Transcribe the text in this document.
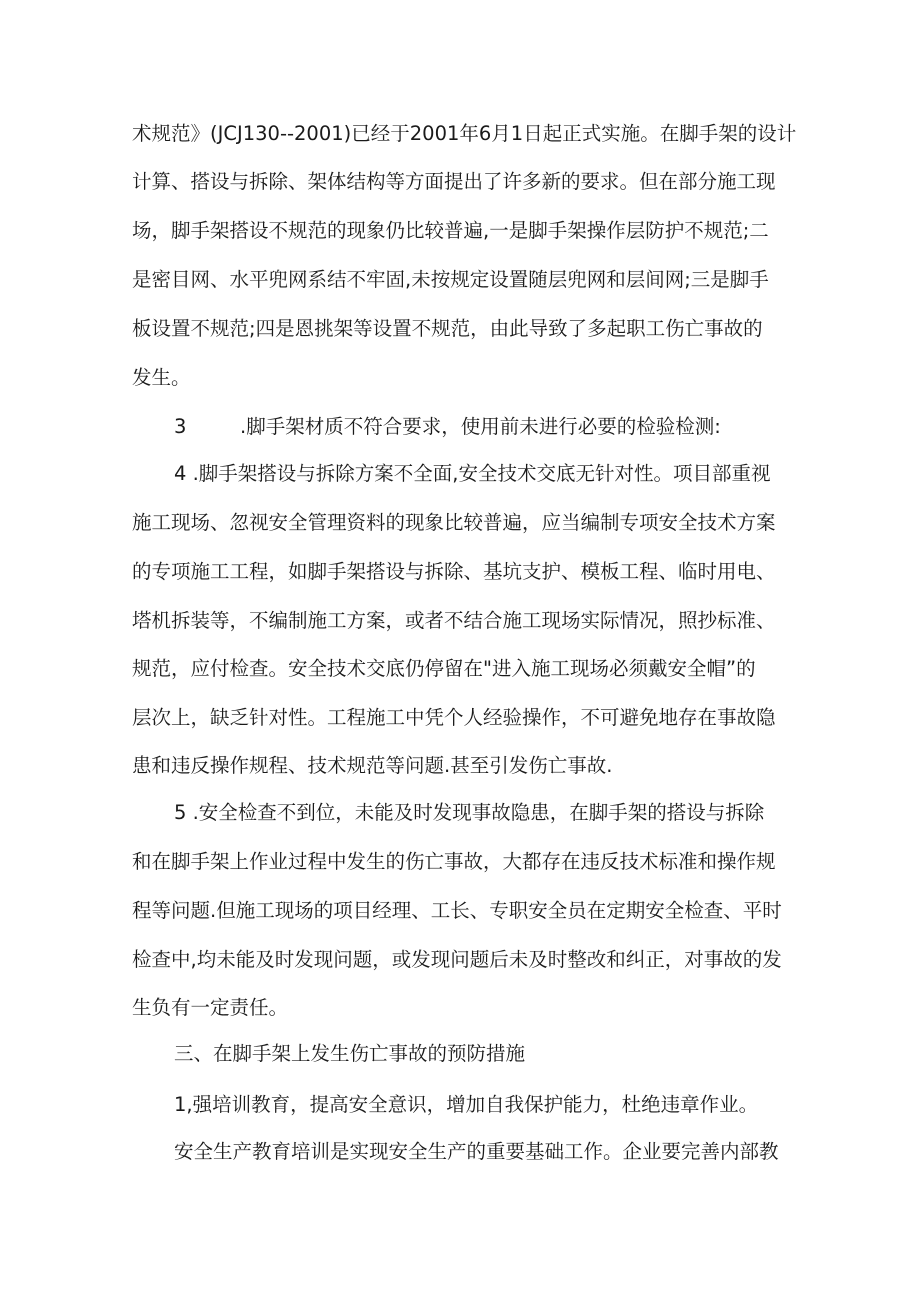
术规范》(JCJ130--2001)已经于2001年6月1日起正式实施。在脚手架的设计
计算、搭设与拆除、架体结构等方面提出了许多新的要求。但在部分施工现
场，脚手架搭设不规范的现象仍比较普遍,一是脚手架操作层防护不规范;二
是密目网、水平兜网系结不牢固,未按规定设置随层兜网和层间网;三是脚手
板设置不规范;四是恩挑架等设置不规范，由此导致了多起职工伤亡事故的
发生。
3	.脚手架材质不符合要求，使用前未进行必要的检验检测:
4 .脚手架搭设与拆除方案不全面,安全技术交底无针对性。项目部重视
施工现场、忽视安全管理资料的现象比较普遍，应当编制专项安全技术方案
的专项施工工程，如脚手架搭设与拆除、基坑支护、模板工程、临时用电、
塔机拆装等，不编制施工方案，或者不结合施工现场实际情况，照抄标准、
规范，应付检查。安全技术交底仍停留在"进入施工现场必须戴安全帽”的
层次上，缺乏针对性。工程施工中凭个人经验操作，不可避免地存在事故隐
患和违反操作规程、技术规范等问题.甚至引发伤亡事故.
5 .安全检查不到位，未能及时发现事故隐患，在脚手架的搭设与拆除
和在脚手架上作业过程中发生的伤亡事故，大都存在违反技术标准和操作规
程等问题.但施工现场的项目经理、工长、专职安全员在定期安全检查、平时
检查中,均未能及时发现问题，或发现问题后未及时整改和纠正，对事故的发
生负有一定责任。
三、在脚手架上发生伤亡事故的预防措施
1,强培训教育，提高安全意识，增加自我保护能力，杜绝违章作业。
安全生产教育培训是实现安全生产的重要基础工作。企业要完善内部教
